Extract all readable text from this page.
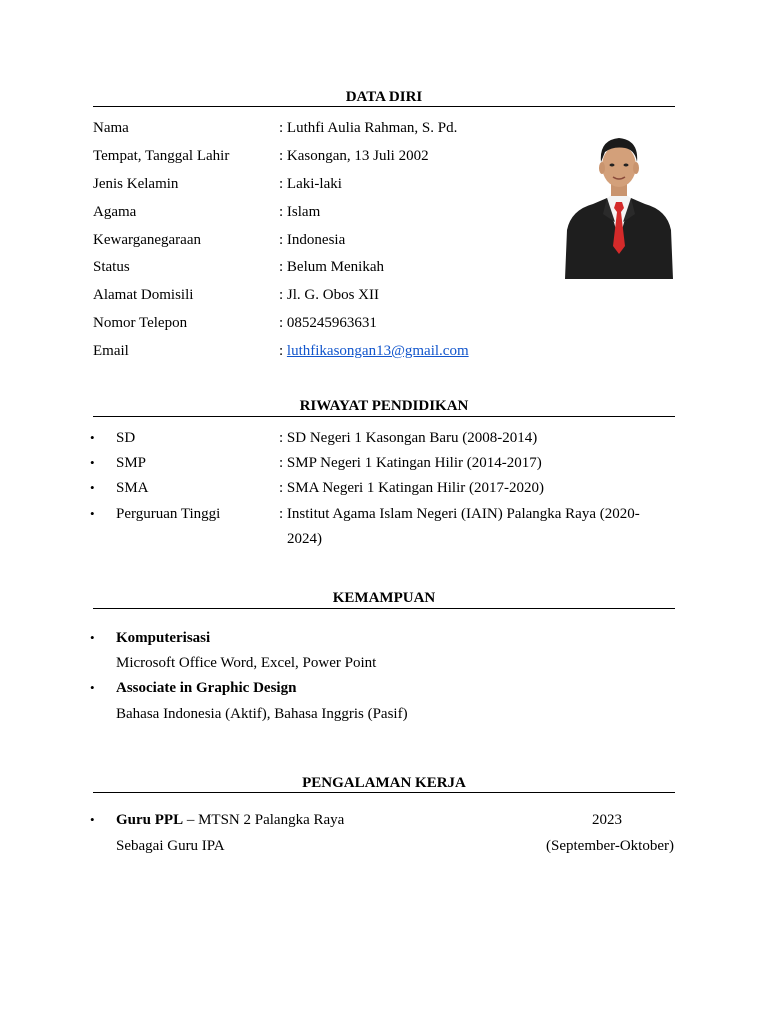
DATA DIRI
Nama	: Luthfi Aulia Rahman, S. Pd.
Tempat, Tanggal Lahir	: Kasongan, 13 Juli 2002
Jenis Kelamin	: Laki-laki
Agama	: Islam
Kewarganegaraan	: Indonesia
Status	: Belum Menikah
Alamat Domisili	: Jl. G. Obos XII
Nomor Telepon	: 085245963631
Email	: luthfikasongan13@gmail.com
RIWAYAT PENDIDIKAN
• SD	: SD Negeri 1 Kasongan Baru (2008-2014)
• SMP	: SMP Negeri 1 Katingan Hilir (2014-2017)
• SMA	: SMA Negeri 1 Katingan Hilir (2017-2020)
• Perguruan Tinggi	: Institut Agama Islam Negeri (IAIN) Palangka Raya (2020-
2024)
KEMAMPUAN
• Komputerisasi
Microsoft Office Word, Excel, Power Point
• Associate in Graphic Design
Bahasa Indonesia (Aktif), Bahasa Inggris (Pasif)
PENGALAMAN KERJA
• Guru PPL – MTSN 2 Palangka Raya	2023
Sebagai Guru IPA	(September-Oktober)
